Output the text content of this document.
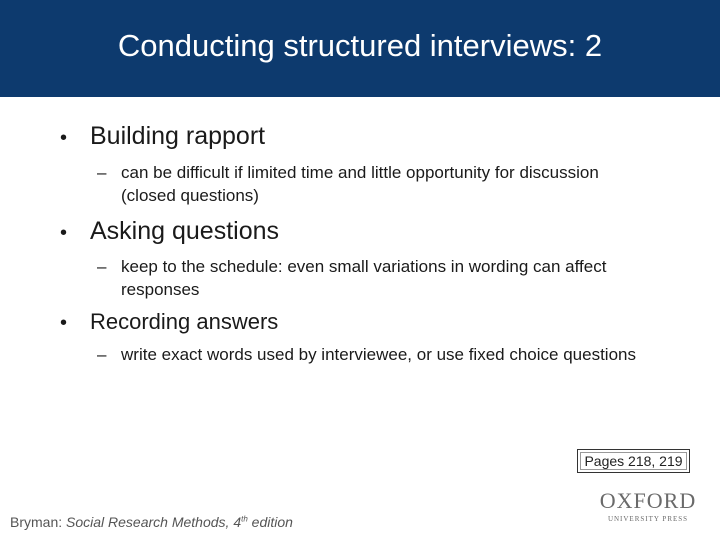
Conducting structured interviews: 2
• Building rapport
– can be difficult if limited time and little opportunity for discussion (closed questions)
• Asking questions
– keep to the schedule: even small variations in wording can affect responses
•	Recording answers
– write exact words used by interviewee, or use fixed choice questions
Pages 218, 219
Bryman: Social Research Methods, 4th edition
OXFORD
UNIVERSITY PRESS
